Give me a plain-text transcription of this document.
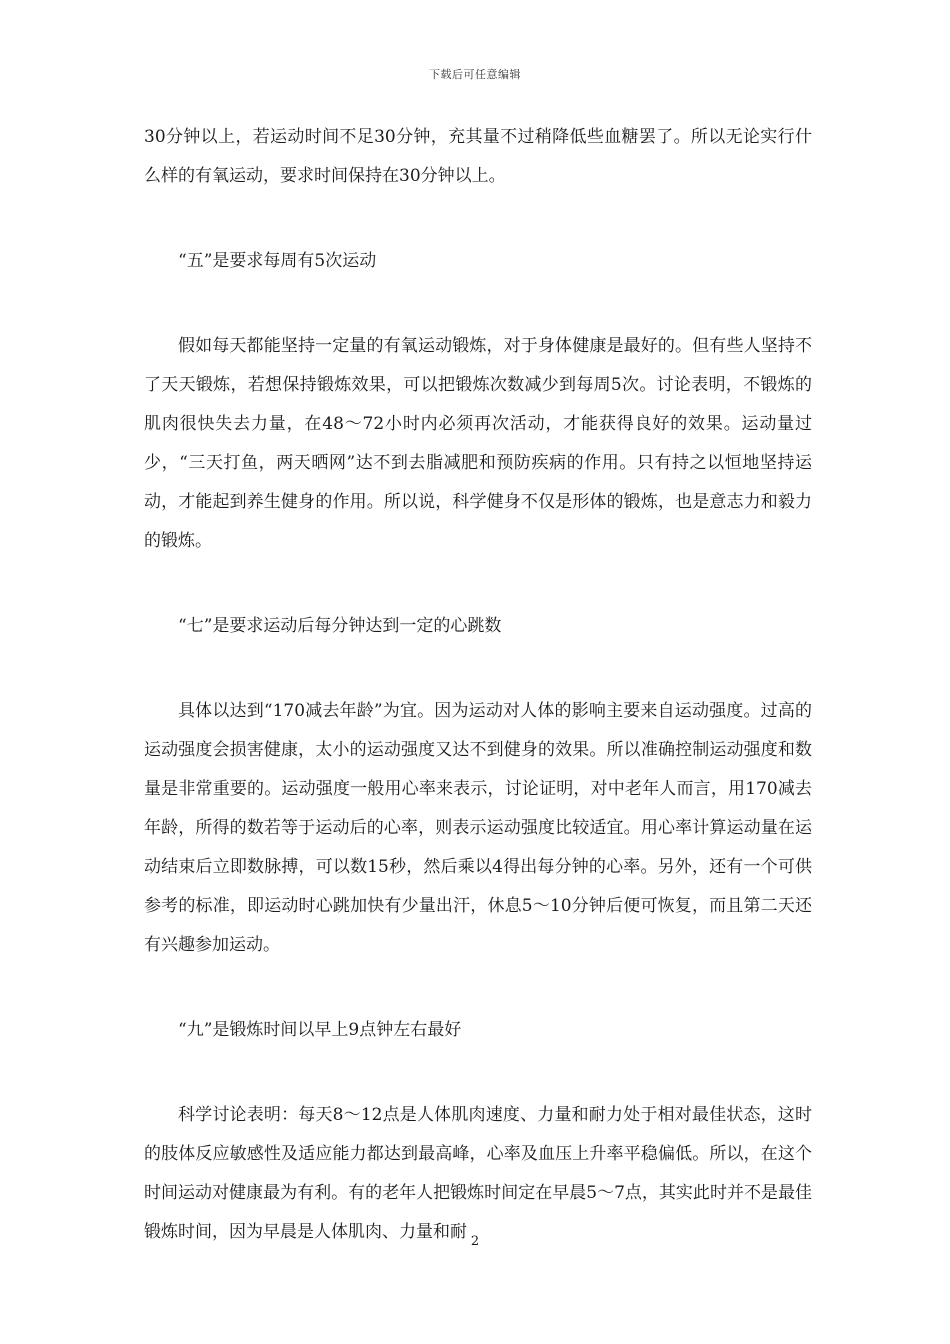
下载后可任意编辑

30分钟以上，若运动时间不足30分钟，充其量不过稍降低些血糖罢了。所以无论实行什么样的有氧运动，要求时间保持在30分钟以上。

“五”是要求每周有5次运动

假如每天都能坚持一定量的有氧运动锻炼，对于身体健康是最好的。但有些人坚持不了天天锻炼，若想保持锻炼效果，可以把锻炼次数减少到每周5次。讨论表明，不锻炼的肌肉很快失去力量，在48～72小时内必须再次活动，才能获得良好的效果。运动量过少，“三天打鱼，两天晒网”达不到去脂减肥和预防疾病的作用。只有持之以恒地坚持运动，才能起到养生健身的作用。所以说，科学健身不仅是形体的锻炼，也是意志力和毅力的锻炼。

“七”是要求运动后每分钟达到一定的心跳数

具体以达到“170减去年龄”为宜。因为运动对人体的影响主要来自运动强度。过高的运动强度会损害健康，太小的运动强度又达不到健身的效果。所以准确控制运动强度和数量是非常重要的。运动强度一般用心率来表示，讨论证明，对中老年人而言，用170减去年龄，所得的数若等于运动后的心率，则表示运动强度比较适宜。用心率计算运动量在运动结束后立即数脉搏，可以数15秒，然后乘以4得出每分钟的心率。另外，还有一个可供参考的标准，即运动时心跳加快有少量出汗，休息5～10分钟后便可恢复，而且第二天还有兴趣参加运动。

“九”是锻炼时间以早上9点钟左右最好

科学讨论表明：每天8～12点是人体肌肉速度、力量和耐力处于相对最佳状态，这时的肢体反应敏感性及适应能力都达到最高峰，心率及血压上升率平稳偏低。所以，在这个时间运动对健康最为有利。有的老年人把锻炼时间定在早晨5～7点，其实此时并不是最佳锻炼时间，因为早晨是人体肌肉、力量和耐 2
